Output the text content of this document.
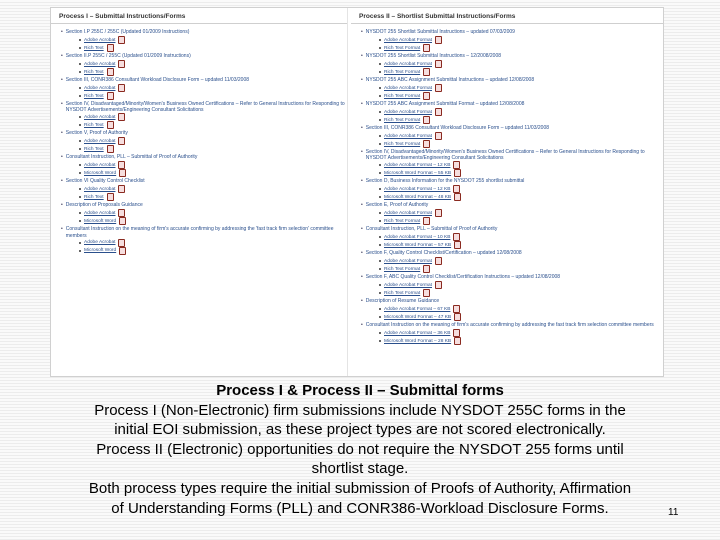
Process I – Submittal Instructions/Forms
• Section I.P 255C / 255C (Updated 01/2009 Instructions)
Adobe Acrobat
Rich Text
• Section II.P 255C / 255C (Updated 01/2009 Instructions)
Adobe Acrobat
Rich Text
• Section III, CONR386 Consultant Workload Disclosure Form – updated 11/03/2008
Adobe Acrobat
Rich Text
• Section IV, Disadvantaged/Minority/Women's Business Owned Certifications – Refer to General Instructions for Responding to NYSDOT Advertisements/Engineering Consultant Solicitations
Adobe Acrobat
Rich Text
• Section V, Proof of Authority
Adobe Acrobat
Rich Text
• Consultant Instruction, PLL – Submittal of Proof of Authority
Adobe Acrobat
Microsoft Word
• Section VI Quality Control Checklist
Adobe Acrobat
Rich Text
• Description of Proposals Guidance
Adobe Acrobat
Microsoft Word
• Consultant Instruction on the meaning of firm's accurate confirming by addressing the 'fast track firm selection' committee members
Adobe Acrobat
Microsoft Word
Process II – Shortlist Submittal Instructions/Forms
• NYSDOT 255 Shortlist Submittal Instructions – updated 07/03/2009
Adobe Acrobat Format
Rich Text Format
• NYSDOT 255 Shortlist Submittal Instructions – 12/2008/2008
Adobe Acrobat Format
Rich Text Format
• NYSDOT 255 ABC Assignment Submittal Instructions – updated 12/08/2008
Adobe Acrobat Format
Rich Text Format
• NYSDOT 255 ABC Assignment Submittal Format – updated 12/08/2008
Adobe Acrobat Format
Rich Text Format
• Section III, CONR386 Consultant Workload Disclosure Form – updated 11/03/2008
Adobe Acrobat Format
Rich Text Format
• Section IV, Disadvantaged/Minority/Women's Business Owned Certifications – Refer to General Instructions for Responding to NYSDOT Advertisements/Engineering Consultant Solicitations
Adobe Acrobat Format – 12 KB
Microsoft Word Format – 55 KB
• Section D, Business Information for the NYSDOT 255 shortlist submittal
Adobe Acrobat Format – 12 KB
Microsoft Word Format – 48 KB
• Section E, Proof of Authority
Adobe Acrobat Format
Rich Text Format
• Consultant Instruction, PLL – Submittal of Proof of Authority
Adobe Acrobat Format – 10 KB
Microsoft Word Format – 57 KB
• Section F, Quality Control Checklist/Certification – updated 12/08/2008
Adobe Acrobat Format
Rich Text Format
• Section F, ABC Quality Control Checklist/Certification Instructions – updated 12/08/2008
Adobe Acrobat Format
Rich Text Format
• Description of Resume Guidance
Adobe Acrobat Format – 67 KB
Microsoft Word Format – 47 KB
• Consultant Instruction on the meaning of firm's accurate confirming by addressing the fast track firm selection committee members
Adobe Acrobat Format – 36 KB
Microsoft Word Format – 28 KB
Process I & Process II – Submittal forms
Process I (Non-Electronic) firm submissions include NYSDOT 255C forms in the
initial EOI submission, as these project types are not scored electronically.
Process II (Electronic) opportunities do not require the NYSDOT 255 forms until
shortlist stage.
Both process types require the initial submission of Proofs of Authority, Affirmation
of Understanding Forms (PLL) and CONR386-Workload Disclosure Forms.	11
